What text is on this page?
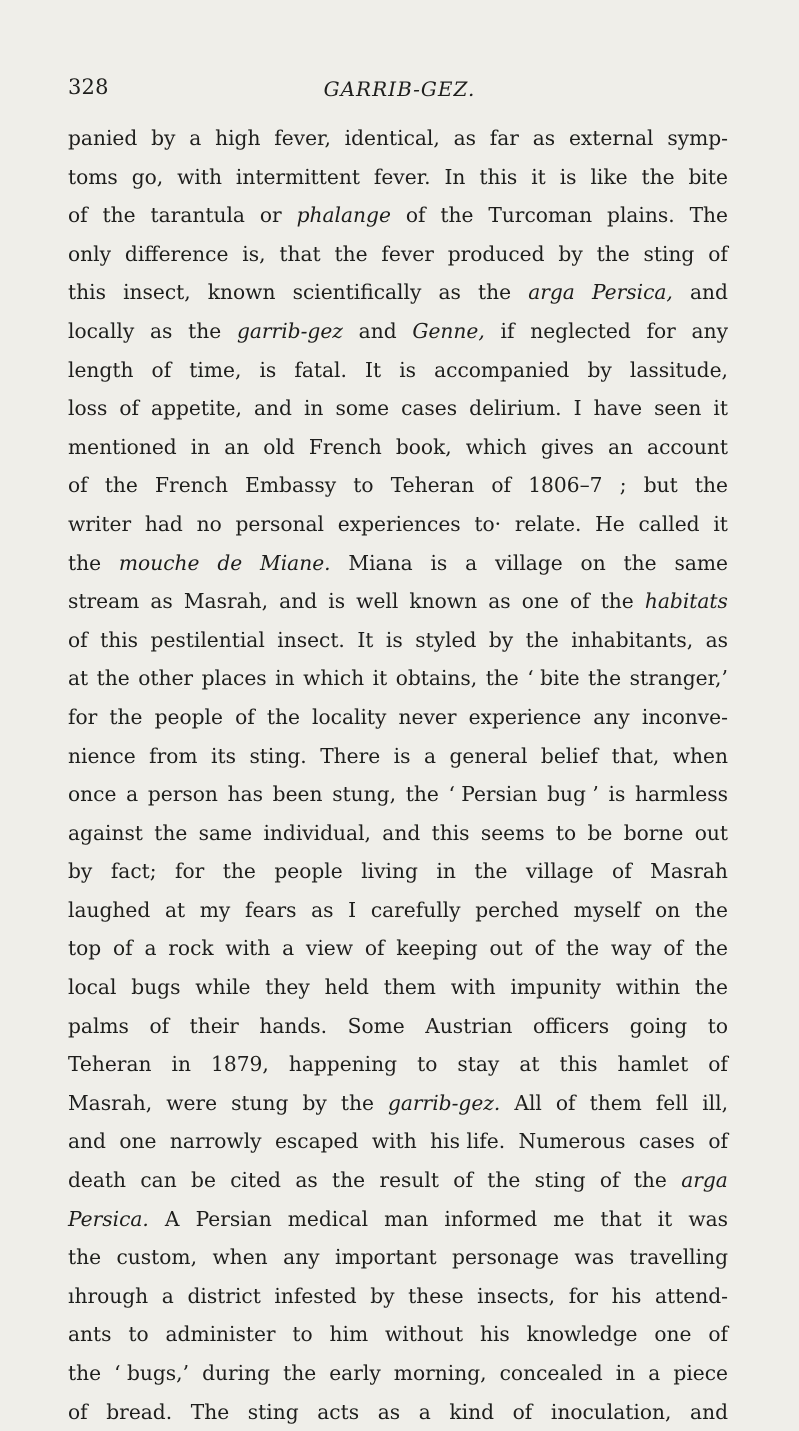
328	GARRIB-GEZ.
panied by a high fever, identical, as far as external symp-
toms go, with intermittent fever. In this it is like the bite
of the tarantula or phalange of the Turcoman plains. The
only difference is, that the fever produced by the sting of
this insect, known scientifically as the arga Persica, and
locally as the garrib-gez and Genne, if neglected for any
length of time, is fatal. It is accompanied by lassitude,
loss of appetite, and in some cases delirium. I have seen it
mentioned in an old French book, which gives an account
of the French Embassy to Teheran of 1806–7 ; but the
writer had no personal experiences to· relate. He called it
the mouche de Miane. Miana is a village on the same
stream as Masrah, and is well known as one of the habitats
of this pestilential insect. It is styled by the inhabitants, as
at the other places in which it obtains, the ‘ bite the stranger,’
for the people of the locality never experience any inconve-
nience from its sting. There is a general belief that, when
once a person has been stung, the ‘ Persian bug ’ is harmless
against the same individual, and this seems to be borne out
by fact; for the people living in the village of Masrah
laughed at my fears as I carefully perched myself on the
top of a rock with a view of keeping out of the way of the
local bugs while they held them with impunity within the
palms of their hands. Some Austrian officers going to
Teheran in 1879, happening to stay at this hamlet of
Masrah, were stung by the garrib-gez. All of them fell ill,
and one narrowly escaped with his life. Numerous cases of
death can be cited as the result of the sting of the arga
Persica. A Persian medical man informed me that it was
the custom, when any important personage was travelling
ıhrough a district infested by these insects, for his attend-
ants to administer to him without his knowledge one of
the ‘ bugs,’ during the early morning, concealed in a piece
of bread. The sting acts as a kind of inoculation, and
